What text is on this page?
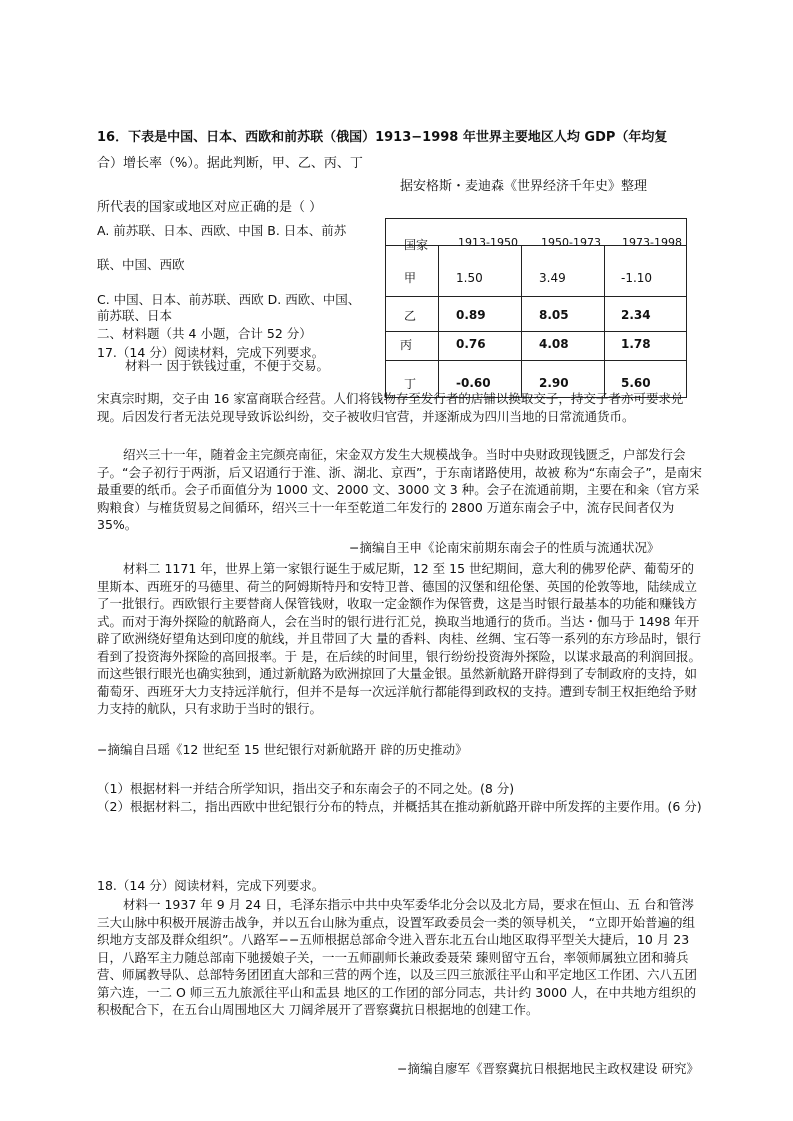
16．下表是中国、日本、西欧和前苏联（俄国）1913−1998 年世界主要地区人均 GDP（年均复
合）增长率（%）。据此判断，甲、乙、丙、丁
据安格斯・麦迪森《世界经济千年史》整理
所代表的国家或地区对应正确的是（ ）
A. 前苏联、日本、西欧、中国 B. 日本、前苏
联、中国、西欧
C. 中国、日本、前苏联、西欧 D. 西欧、中国、
前苏联、日本
国家	1913-1950 1950-1973 1973-1998
甲	1.50	3.49	-1.10
乙	0.89	8.05	2.34
丙	0.76	4.08	1.78
丁	-0.60	2.90	5.60
二、材料题（共 4 小题，合计 52 分）
17.（14 分）阅读材料，完成下列要求。
材料一 因于铁钱过重，不便于交易。
宋真宗时期，交子由 16 家富商联合经营。人们将钱物存至发行者的店铺以换取交子，持交子者亦可要求兑现。后因发行者无法兑现导致诉讼纠纷，交子被收归官营，并逐渐成为四川当地的日常流通货币。
绍兴三十一年，随着金主完颜亮南征，宋金双方发生大规模战争。当时中央财政现钱匮乏，户部发行会子。“会子初行于两浙，后又诏通行于淮、浙、湖北、京西”，于东南诸路使用，故被 称为“东南会子”，是南宋最重要的纸币。会子币面值分为 1000 文、2000 文、3000 文 3 种。会子在流通前期，主要在和籴（官方采购粮食）与榷货贸易之间循环，绍兴三十一年至乾道二年发行的 2800 万道东南会子中，流存民间者仅为 35%。
−摘编自王申《论南宋前期东南会子的性质与流通状况》
材料二 1171 年，世界上第一家银行诞生于威尼斯，12 至 15 世纪期间，意大利的佛罗伦萨、葡萄牙的里斯本、西班牙的马德里、荷兰的阿姆斯特丹和安特卫普、德国的汉堡和纽伦堡、英国的伦敦等地，陆续成立了一批银行。西欧银行主要替商人保管钱财，收取一定金额作为保管费，这是当时银行最基本的功能和赚钱方式。而对于海外探险的航路商人，会在当时的银行进行汇兑，换取当地通行的货币。当达・伽马于 1498 年开辟了欧洲绕好望角达到印度的航线，并且带回了大 量的香料、肉桂、丝绸、宝石等一系列的东方珍品时，银行看到了投资海外探险的高回报率。于 是，在后续的时间里，银行纷纷投资海外探险，以谋求最高的利润回报。而这些银行眼光也确实独到，通过新航路为欧洲掠回了大量金银。虽然新航路开辟得到了专制政府的支持，如葡萄牙、西班牙大力支持远洋航行，但并不是每一次远洋航行都能得到政权的支持。遭到专制王权拒绝给予财力支持的航队，只有求助于当时的银行。
−摘编自吕瑶《12 世纪至 15 世纪银行对新航路开 辟的历史推动》
（1）根据材料一并结合所学知识，指出交子和东南会子的不同之处。(8 分)
（2）根据材料二，指出西欧中世纪银行分布的特点，并概括其在推动新航路开辟中所发挥的主要作用。(6 分)
18.（14 分）阅读材料，完成下列要求。
材料一 1937 年 9 月 24 日，毛泽东指示中共中央军委华北分会以及北方局，要求在恒山、五 台和管涔三大山脉中积极开展游击战争，并以五台山脉为重点，设置军政委员会一类的领导机关， “立即开始普遍的组织地方支部及群众组织”。八路军−−五师根据总部命令进入晋东北五台山地区取得平型关大捷后，10 月 23 日，八路军主力随总部南下驰援娘子关，一一五师副师长兼政委聂荣 臻则留守五台，率领师属独立团和骑兵营、师属教导队、总部特务团团直大部和三营的两个连，以及三四三旅派往平山和平定地区工作团、六八五团第六连，一二 O 师三五九旅派往平山和盂县 地区的工作团的部分同志，共计约 3000 人，在中共地方组织的积极配合下，在五台山周围地区大 刀阔斧展开了晋察冀抗日根据地的创建工作。
−摘编自廖军《晋察冀抗日根据地民主政权建设 研究》
